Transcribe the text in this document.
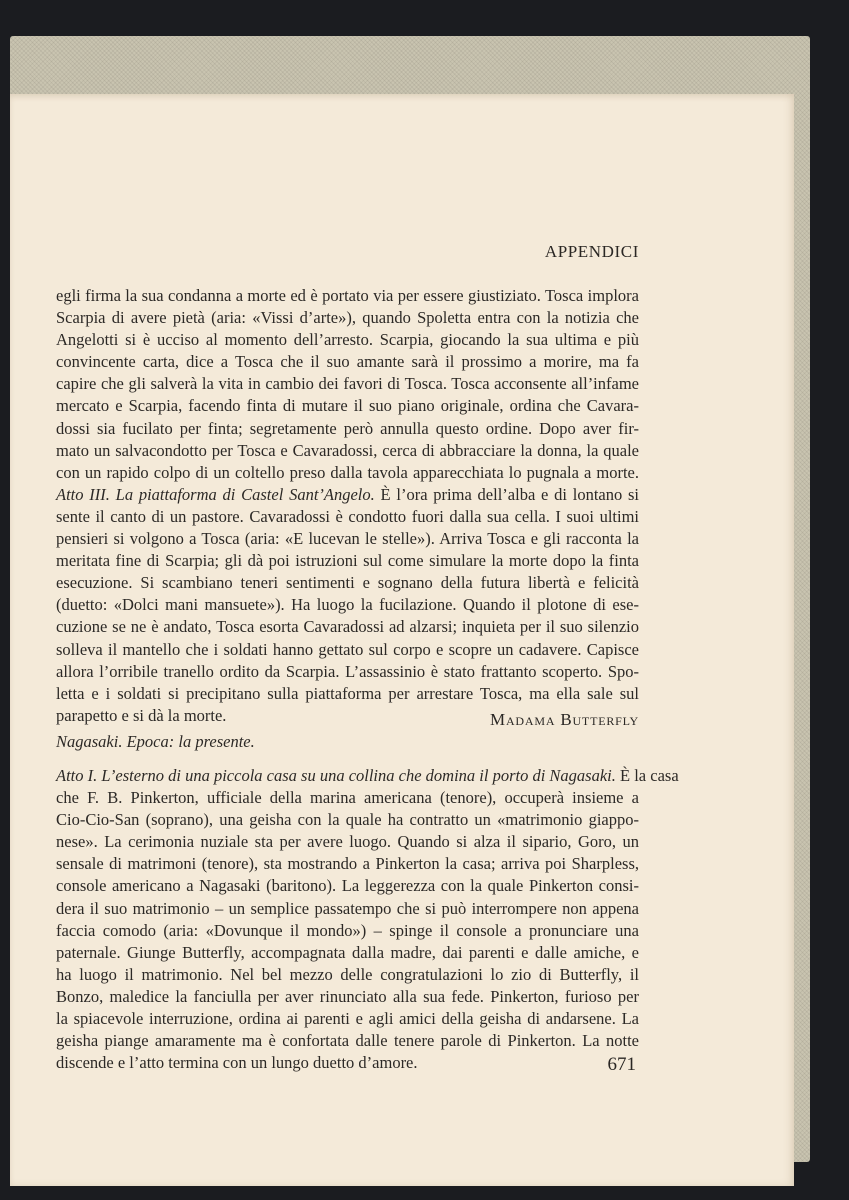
APPENDICI
egli firma la sua condanna a morte ed è portato via per essere giustiziato. Tosca implora
Scarpia di avere pietà (aria: «Vissi d’arte»), quando Spoletta entra con la notizia che
Angelotti si è ucciso al momento dell’arresto. Scarpia, giocando la sua ultima e più
convincente carta, dice a Tosca che il suo amante sarà il prossimo a morire, ma fa
capire che gli salverà la vita in cambio dei favori di Tosca. Tosca acconsente all’infame
mercato e Scarpia, facendo finta di mutare il suo piano originale, ordina che Cavara-
dossi sia fucilato per finta; segretamente però annulla questo ordine. Dopo aver fir-
mato un salvacondotto per Tosca e Cavaradossi, cerca di abbracciare la donna, la quale
con un rapido colpo di un coltello preso dalla tavola apparecchiata lo pugnala a morte.
Atto III. La piattaforma di Castel Sant’Angelo. È l’ora prima dell’alba e di lontano si
sente il canto di un pastore. Cavaradossi è condotto fuori dalla sua cella. I suoi ultimi
pensieri si volgono a Tosca (aria: «E lucevan le stelle»). Arriva Tosca e gli racconta la
meritata fine di Scarpia; gli dà poi istruzioni sul come simulare la morte dopo la finta
esecuzione. Si scambiano teneri sentimenti e sognano della futura libertà e felicità
(duetto: «Dolci mani mansuete»). Ha luogo la fucilazione. Quando il plotone di ese-
cuzione se ne è andato, Tosca esorta Cavaradossi ad alzarsi; inquieta per il suo silenzio
solleva il mantello che i soldati hanno gettato sul corpo e scopre un cadavere. Capisce
allora l’orribile tranello ordito da Scarpia. L’assassinio è stato frattanto scoperto. Spo-
letta e i soldati si precipitano sulla piattaforma per arrestare Tosca, ma ella sale sul
parapetto e si dà la morte.	Madama Butterfly
Nagasaki. Epoca: la presente.
Atto I. L’esterno di una piccola casa su una collina che domina il porto di Nagasaki. È la casa
che F. B. Pinkerton, ufficiale della marina americana (tenore), occuperà insieme a
Cio-Cio-San (soprano), una geisha con la quale ha contratto un «matrimonio giappo-
nese». La cerimonia nuziale sta per avere luogo. Quando si alza il sipario, Goro, un
sensale di matrimoni (tenore), sta mostrando a Pinkerton la casa; arriva poi Sharpless,
console americano a Nagasaki (baritono). La leggerezza con la quale Pinkerton consi-
dera il suo matrimonio – un semplice passatempo che si può interrompere non appena
faccia comodo (aria: «Dovunque il mondo») – spinge il console a pronunciare una
paternale. Giunge Butterfly, accompagnata dalla madre, dai parenti e dalle amiche, e
ha luogo il matrimonio. Nel bel mezzo delle congratulazioni lo zio di Butterfly, il
Bonzo, maledice la fanciulla per aver rinunciato alla sua fede. Pinkerton, furioso per
la spiacevole interruzione, ordina ai parenti e agli amici della geisha di andarsene. La
geisha piange amaramente ma è confortata dalle tenere parole di Pinkerton. La notte
discende e l’atto termina con un lungo duetto d’amore.	671
